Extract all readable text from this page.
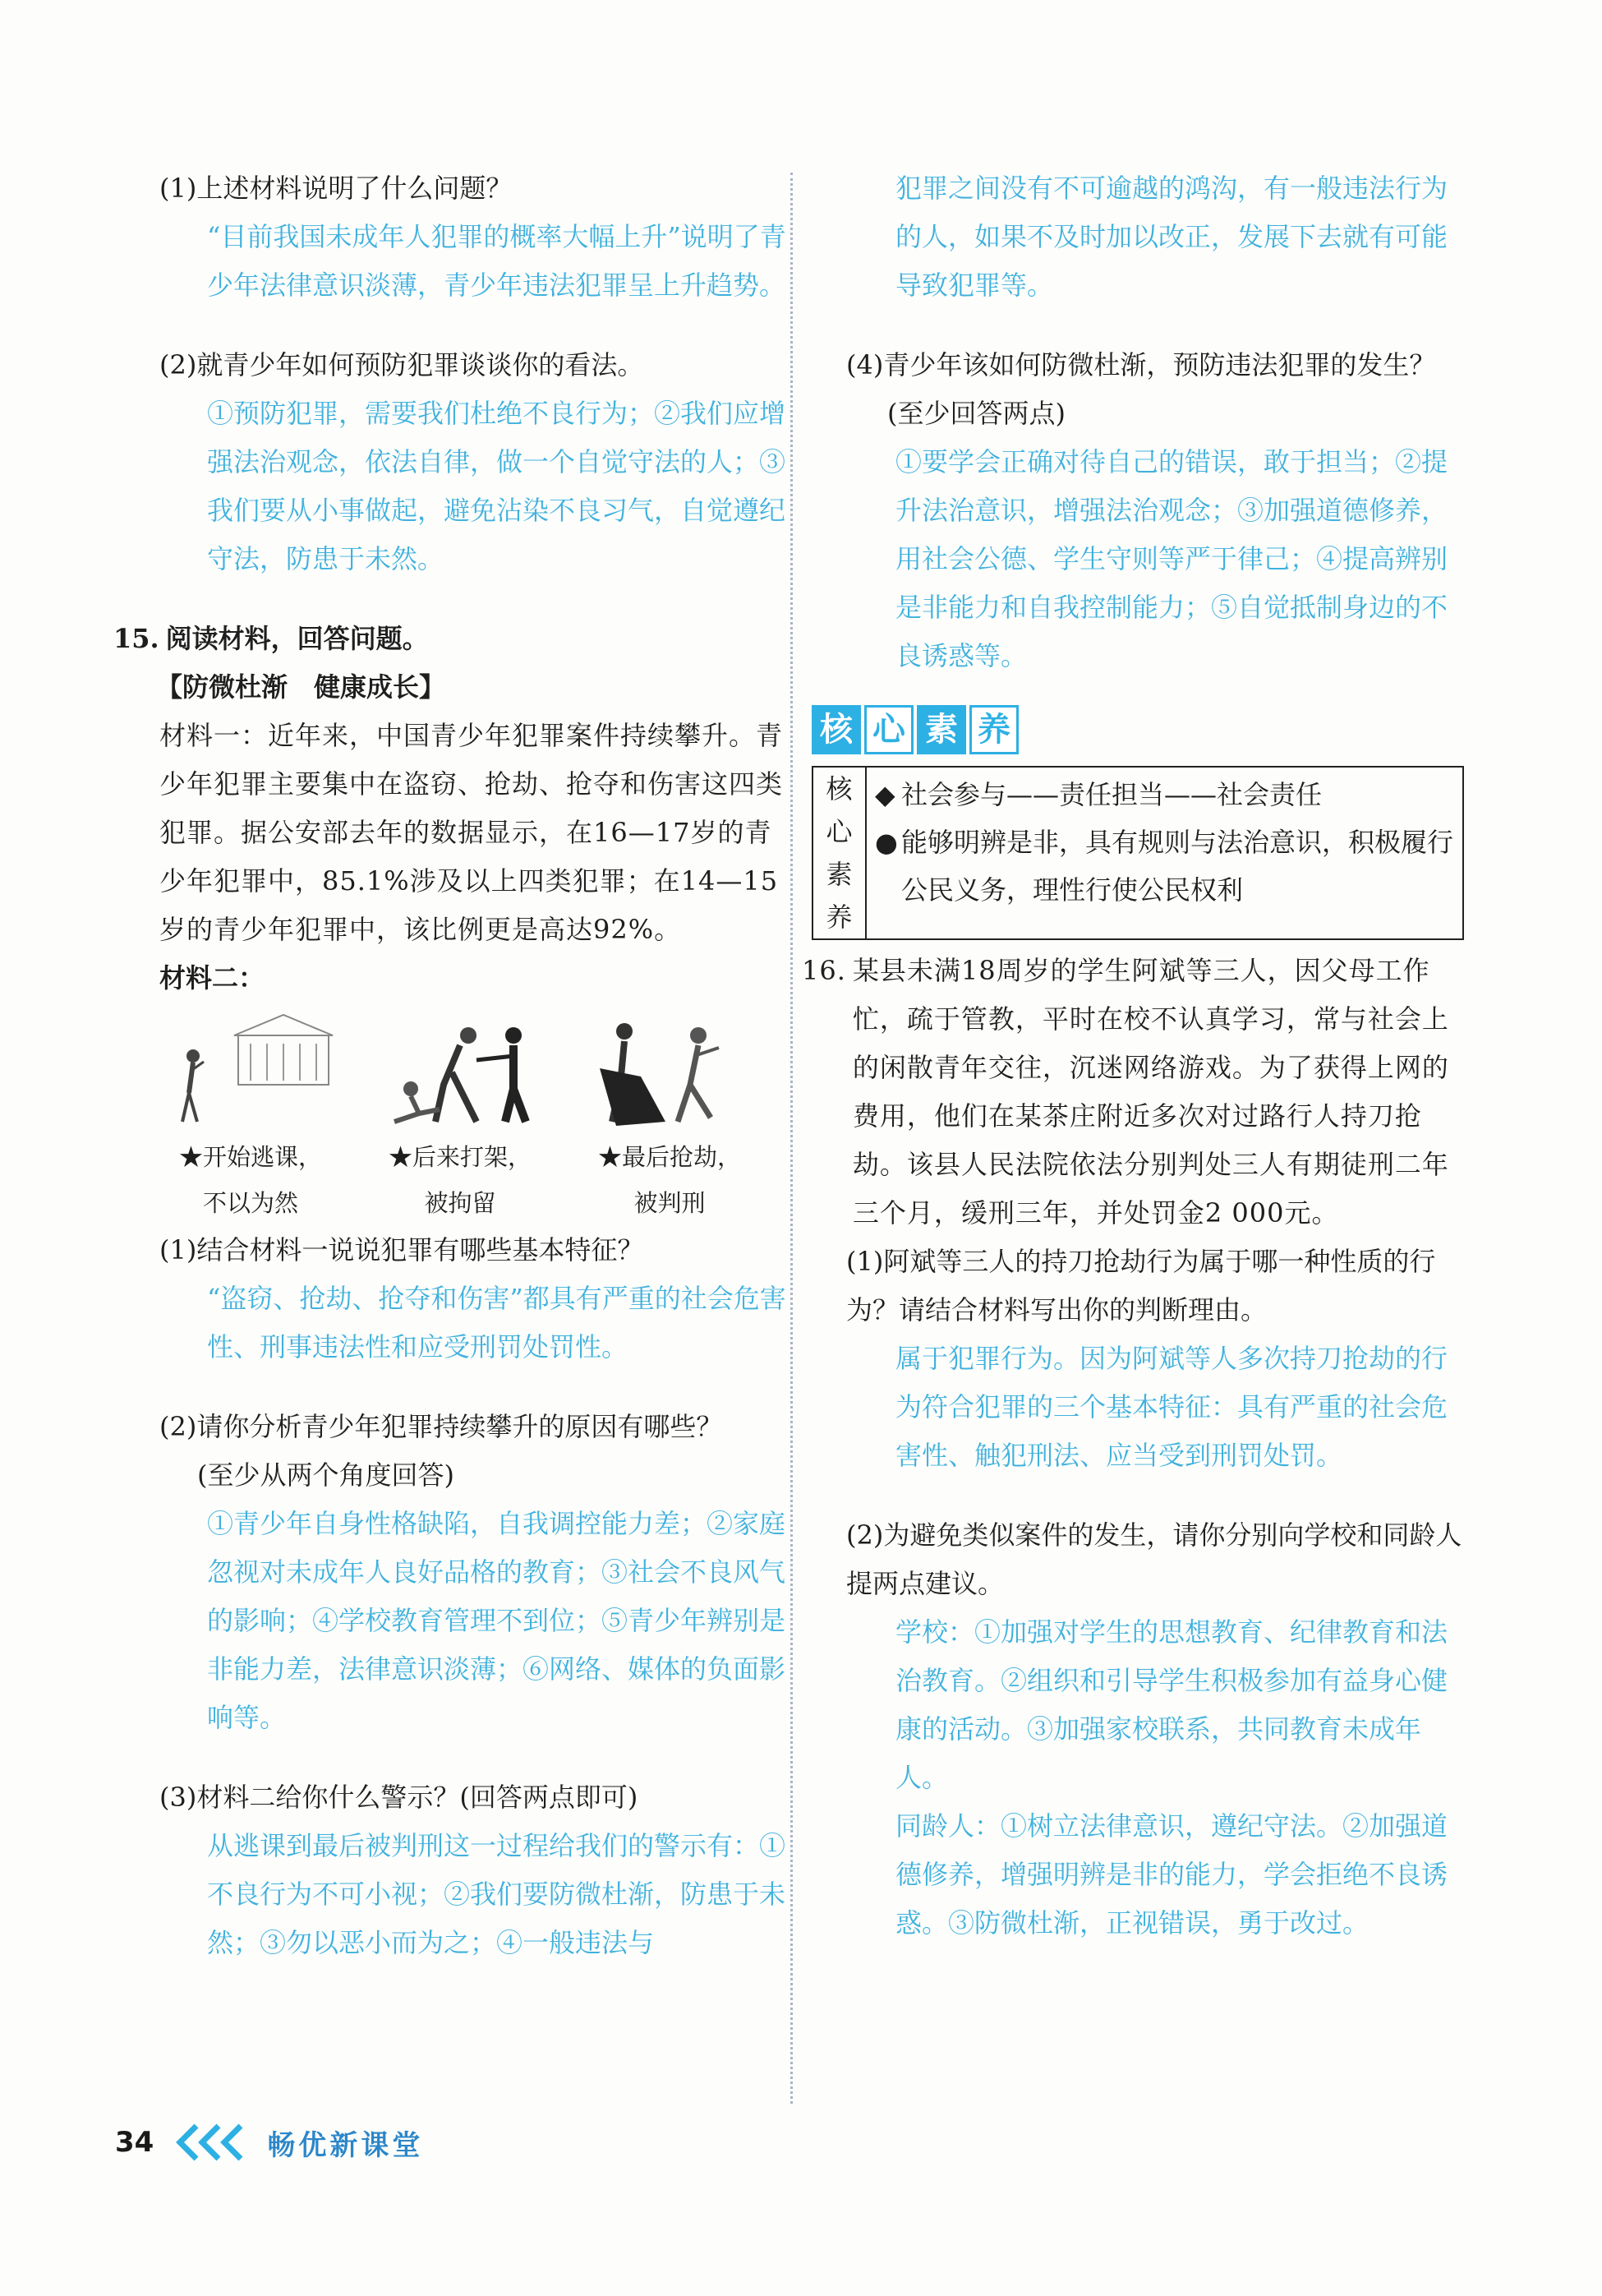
(1)上述材料说明了什么问题？
“目前我国未成年人犯罪的概率大幅上升”说明了青少年法律意识淡薄，青少年违法犯罪呈上升趋势。
(2)就青少年如何预防犯罪谈谈你的看法。
①预防犯罪，需要我们杜绝不良行为；②我们应增强法治观念，依法自律，做一个自觉守法的人；③我们要从小事做起，避免沾染不良习气，自觉遵纪守法，防患于未然。
15. 阅读材料，回答问题。
【防微杜渐　健康成长】
材料一：近年来，中国青少年犯罪案件持续攀升。青少年犯罪主要集中在盗窃、抢劫、抢夺和伤害这四类犯罪。据公安部去年的数据显示，在16—17岁的青少年犯罪中，85.1%涉及以上四类犯罪；在14—15岁的青少年犯罪中，该比例更是高达92%。
材料二：
★开始逃课，
不以为然
★后来打架，
被拘留
★最后抢劫，
被判刑
(1)结合材料一说说犯罪有哪些基本特征？
“盗窃、抢劫、抢夺和伤害”都具有严重的社会危害性、刑事违法性和应受刑罚处罚性。
(2)请你分析青少年犯罪持续攀升的原因有哪些？
(至少从两个角度回答)
①青少年自身性格缺陷，自我调控能力差；②家庭忽视对未成年人良好品格的教育；③社会不良风气的影响；④学校教育管理不到位；⑤青少年辨别是非能力差，法律意识淡薄；⑥网络、媒体的负面影响等。
(3)材料二给你什么警示？(回答两点即可)
从逃课到最后被判刑这一过程给我们的警示有：①不良行为不可小视；②我们要防微杜渐，防患于未然；③勿以恶小而为之；④一般违法与
犯罪之间没有不可逾越的鸿沟，有一般违法行为的人，如果不及时加以改正，发展下去就有可能导致犯罪等。
(4)青少年该如何防微杜渐，预防违法犯罪的发生？
(至少回答两点)
①要学会正确对待自己的错误，敢于担当；②提升法治意识，增强法治观念；③加强道德修养，用社会公德、学生守则等严于律己；④提高辨别是非能力和自我控制能力；⑤自觉抵制身边的不良诱惑等。
核 心 素 养
核心
素养
◆ 社会参与——责任担当——社会责任
● 能够明辨是非，具有规则与法治意识，积极履行公民义务，理性行使公民权利
16. 某县未满18周岁的学生阿斌等三人，因父母工作忙，疏于管教，平时在校不认真学习，常与社会上的闲散青年交往，沉迷网络游戏。为了获得上网的费用，他们在某茶庄附近多次对过路行人持刀抢劫。该县人民法院依法分别判处三人有期徒刑二年三个月，缓刑三年，并处罚金2 000元。
(1)阿斌等三人的持刀抢劫行为属于哪一种性质的行为？请结合材料写出你的判断理由。
属于犯罪行为。因为阿斌等人多次持刀抢劫的行为符合犯罪的三个基本特征：具有严重的社会危害性、触犯刑法、应当受到刑罚处罚。
(2)为避免类似案件的发生，请你分别向学校和同龄人提两点建议。
学校：①加强对学生的思想教育、纪律教育和法治教育。②组织和引导学生积极参加有益身心健康的活动。③加强家校联系，共同教育未成年人。
同龄人：①树立法律意识，遵纪守法。②加强道德修养，增强明辨是非的能力，学会拒绝不良诱惑。③防微杜渐，正视错误，勇于改过。
34	畅优新课堂
